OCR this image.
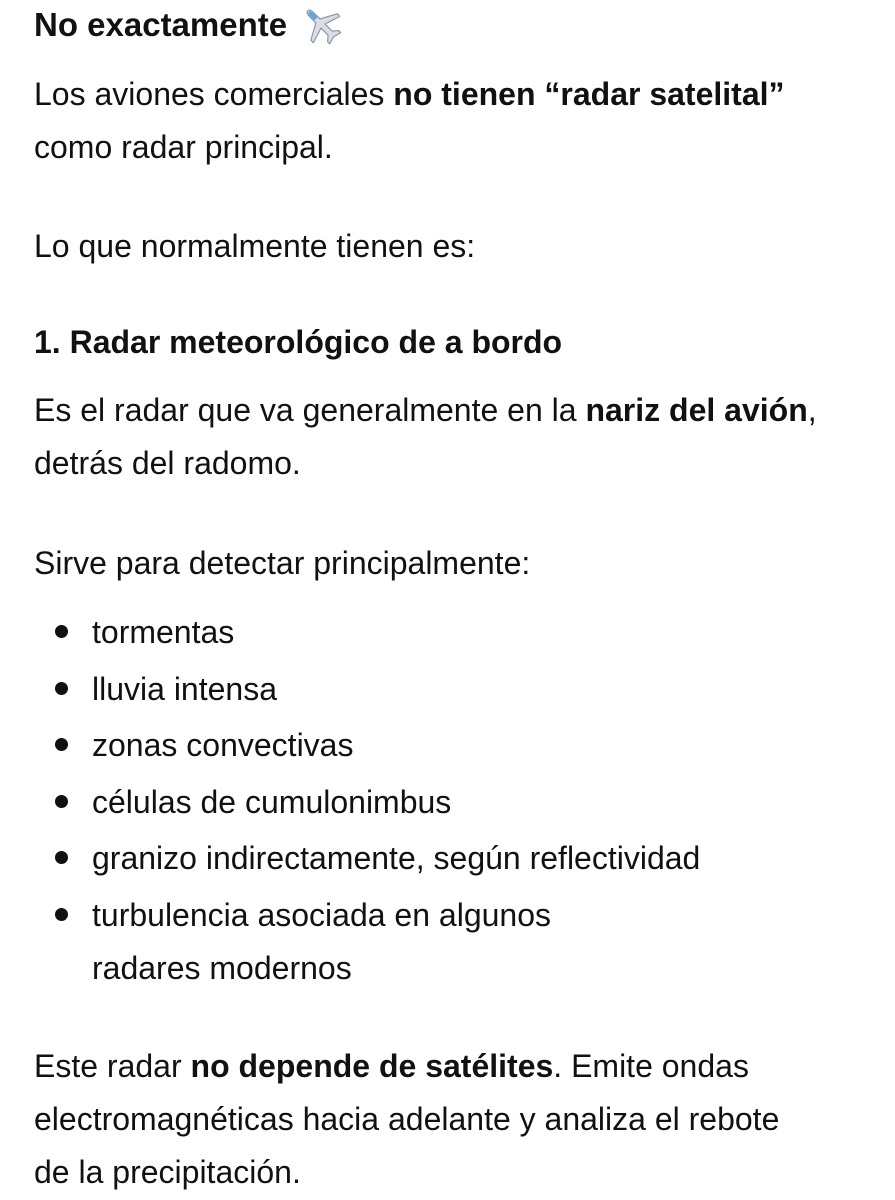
No exactamente
Los aviones comerciales no tienen “radar satelital”
como radar principal.
Lo que normalmente tienen es:
1. Radar meteorológico de a bordo
Es el radar que va generalmente en la nariz del avión,
detrás del radomo.
Sirve para detectar principalmente:
tormentas
lluvia intensa
zonas convectivas
células de cumulonimbus
granizo indirectamente, según reflectividad
turbulencia asociada en algunos radares modernos
Este radar no depende de satélites. Emite ondas
electromagnéticas hacia adelante y analiza el rebote
de la precipitación.
